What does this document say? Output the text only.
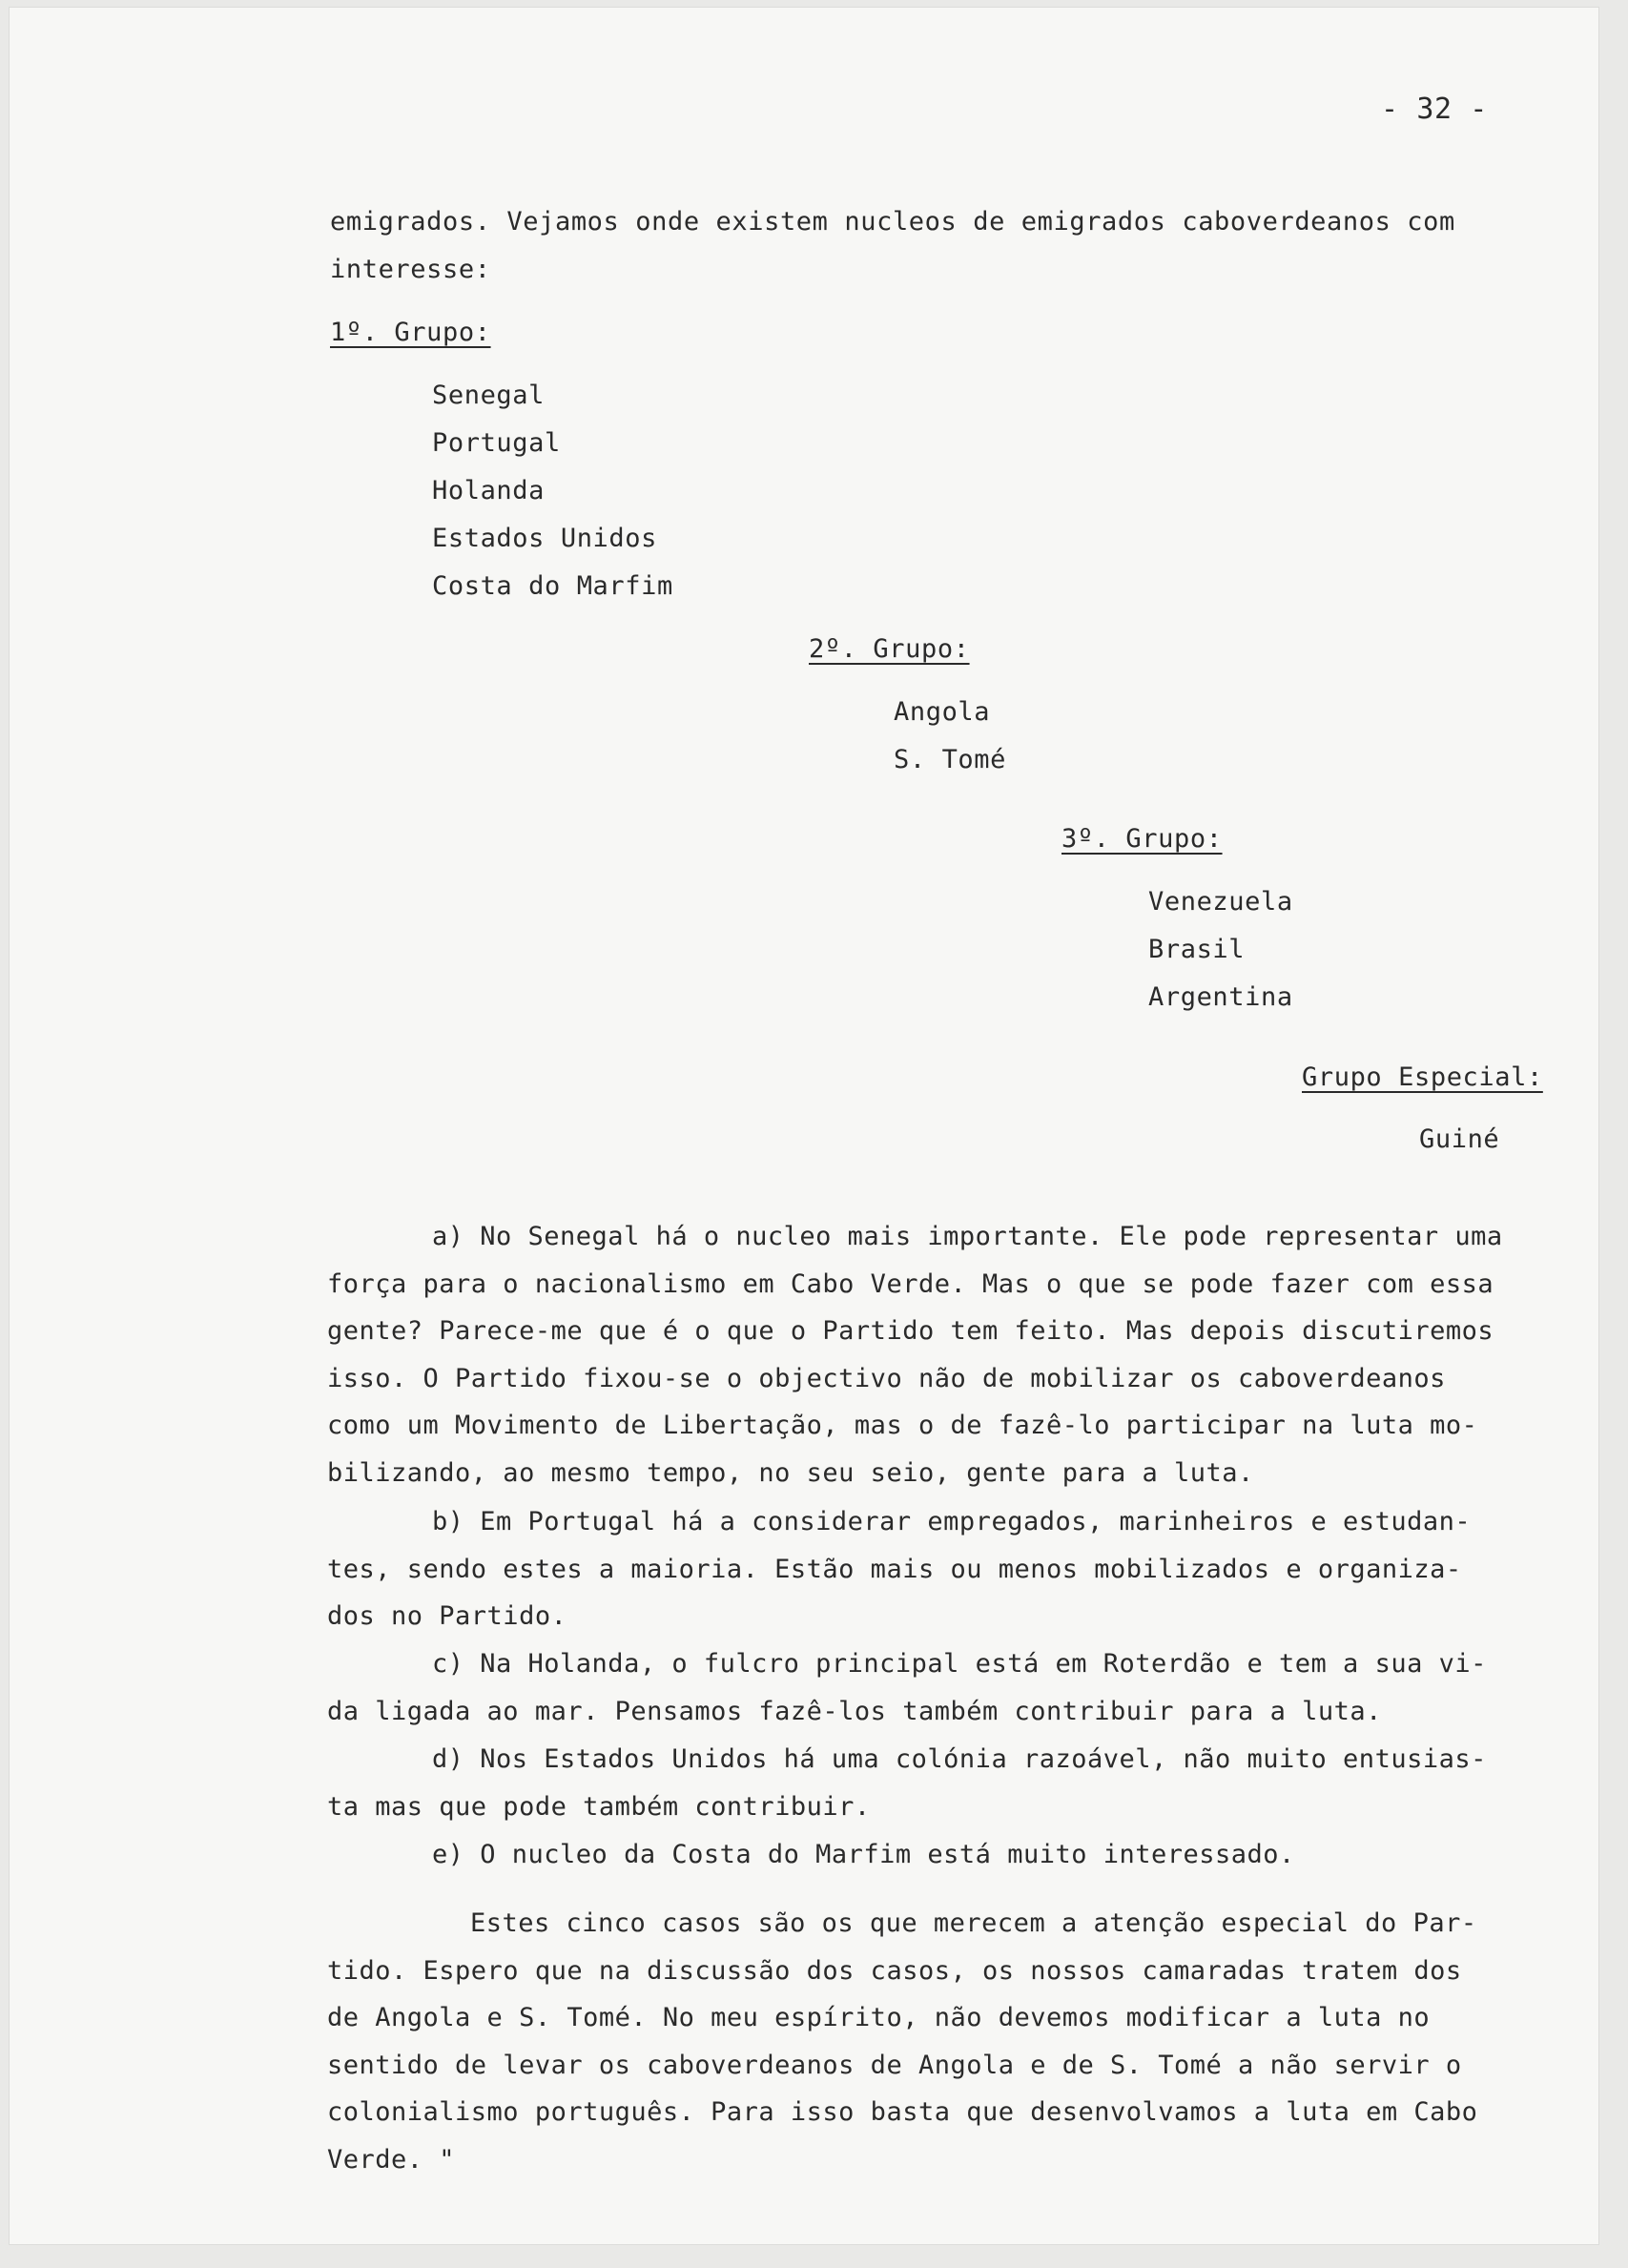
- 32 -
emigrados. Vejamos onde existem nucleos de emigrados caboverdeanos com
interesse:
1º. Grupo:
Senegal
Portugal
Holanda
Estados Unidos
Costa do Marfim
2º. Grupo:
Angola
S. Tomé
3º. Grupo:
Venezuela
Brasil
Argentina
Grupo Especial:
Guiné
a) No Senegal há o nucleo mais importante. Ele pode representar uma
força para o nacionalismo em Cabo Verde. Mas o que se pode fazer com essa
gente? Parece-me que é o que o Partido tem feito. Mas depois discutiremos
isso. O Partido fixou-se o objectivo não de mobilizar os caboverdeanos
como um Movimento de Libertação, mas o de fazê-lo participar na luta mo-
bilizando, ao mesmo tempo, no seu seio, gente para a luta.
b) Em Portugal há a considerar empregados, marinheiros e estudan-
tes, sendo estes a maioria. Estão mais ou menos mobilizados e organiza-
dos no Partido.
c) Na Holanda, o fulcro principal está em Roterdão e tem a sua vi-
da ligada ao mar. Pensamos fazê-los também contribuir para a luta.
d) Nos Estados Unidos há uma colónia razoável, não muito entusias-
ta mas que pode também contribuir.
e) O nucleo da Costa do Marfim está muito interessado.
Estes cinco casos são os que merecem a atenção especial do Par-
tido. Espero que na discussão dos casos, os nossos camaradas tratem dos
de Angola e S. Tomé. No meu espírito, não devemos modificar a luta no
sentido de levar os caboverdeanos de Angola e de S. Tomé a não servir o
colonialismo português. Para isso basta que desenvolvamos a luta em Cabo
Verde. "
